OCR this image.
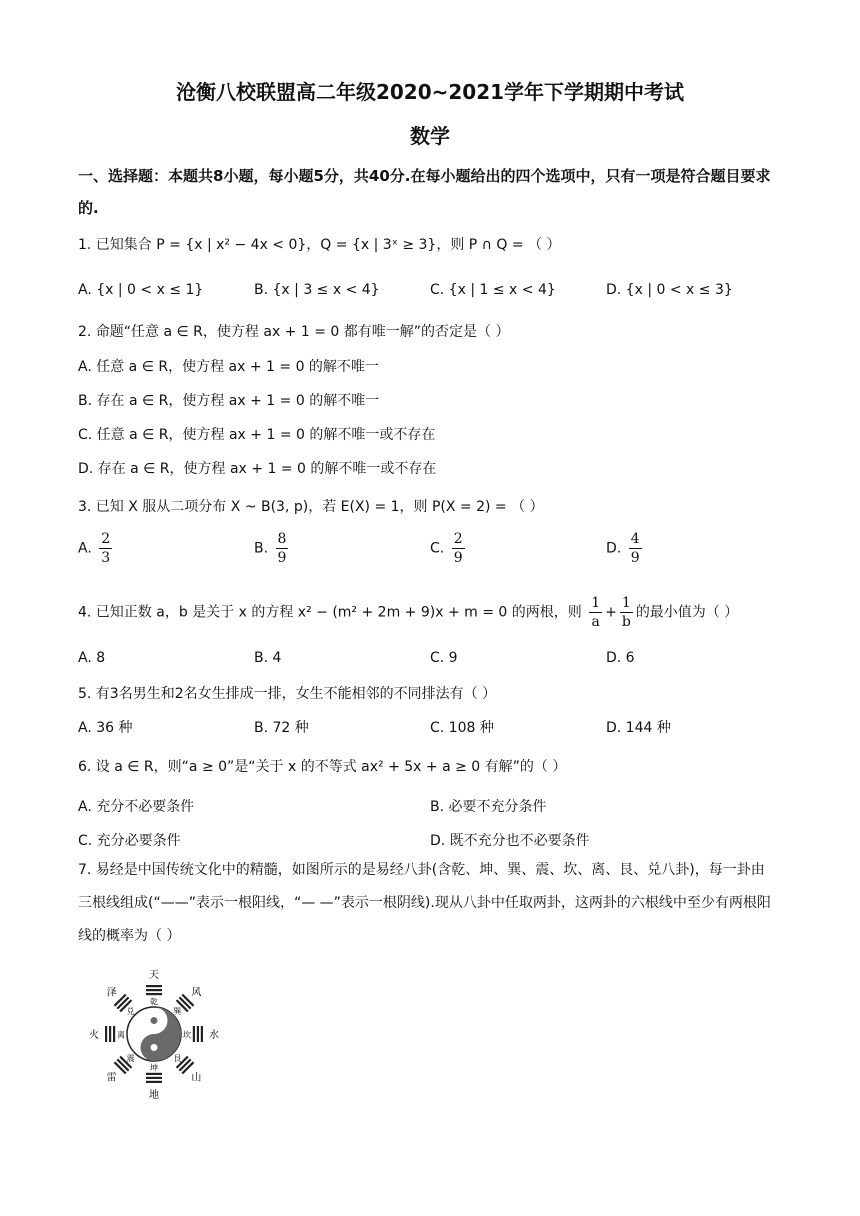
沧衡八校联盟高二年级2020~2021学年下学期期中考试
数学
一、选择题：本题共8小题，每小题5分，共40分.在每小题给出的四个选项中，只有一项是符合题目要求的.
1. 已知集合 P = {x | x² − 4x < 0}，Q = {x | 3ˣ ≥ 3}，则 P ∩ Q = （ ）
A. {x | 0 < x ≤ 1}	B. {x | 3 ≤ x < 4}	C. {x | 1 ≤ x < 4}	D. {x | 0 < x ≤ 3}
2. 命题“任意 a ∈ R，使方程 ax + 1 = 0 都有唯一解”的否定是（ ）
A. 任意 a ∈ R，使方程 ax + 1 = 0 的解不唯一
B. 存在 a ∈ R，使方程 ax + 1 = 0 的解不唯一
C. 任意 a ∈ R，使方程 ax + 1 = 0 的解不唯一或不存在
D. 存在 a ∈ R，使方程 ax + 1 = 0 的解不唯一或不存在
3. 已知 X 服从二项分布 X ~ B(3, p)，若 E(X) = 1，则 P(X = 2) = （ ）
A. $\frac{2}{3}$	B. $\frac{8}{9}$	C. $\frac{2}{9}$	D. $\frac{4}{9}$
4. 已知正数 a，b 是关于 x 的方程 x² − (m² + 2m + 9)x + m = 0 的两根，则 $\frac{1}{a} + \frac{1}{b}$ 的最小值为（ ）
A. 8	B. 4	C. 9	D. 6
5. 有3名男生和2名女生排成一排，女生不能相邻的不同排法有（ ）
A. 36 种	B. 72 种	C. 108 种	D. 144 种
6. 设 a ∈ R，则“a ≥ 0”是“关于 x 的不等式 ax² + 5x + a ≥ 0 有解”的（ ）
A. 充分不必要条件	B. 必要不充分条件
C. 充分必要条件	D. 既不充分也不必要条件
7. 易经是中国传统文化中的精髓，如图所示的是易经八卦(含乾、坤、巽、震、坎、离、艮、兑八卦)，每一卦由三根线组成(“——”表示一根阳线，“— —”表示一根阴线).现从八卦中任取两卦，这两卦的六根线中至少有两根阳线的概率为（ ）
天
乾
风
巽
水
坎
山
艮
地
坤
雷
震
火 离
泽
兑
